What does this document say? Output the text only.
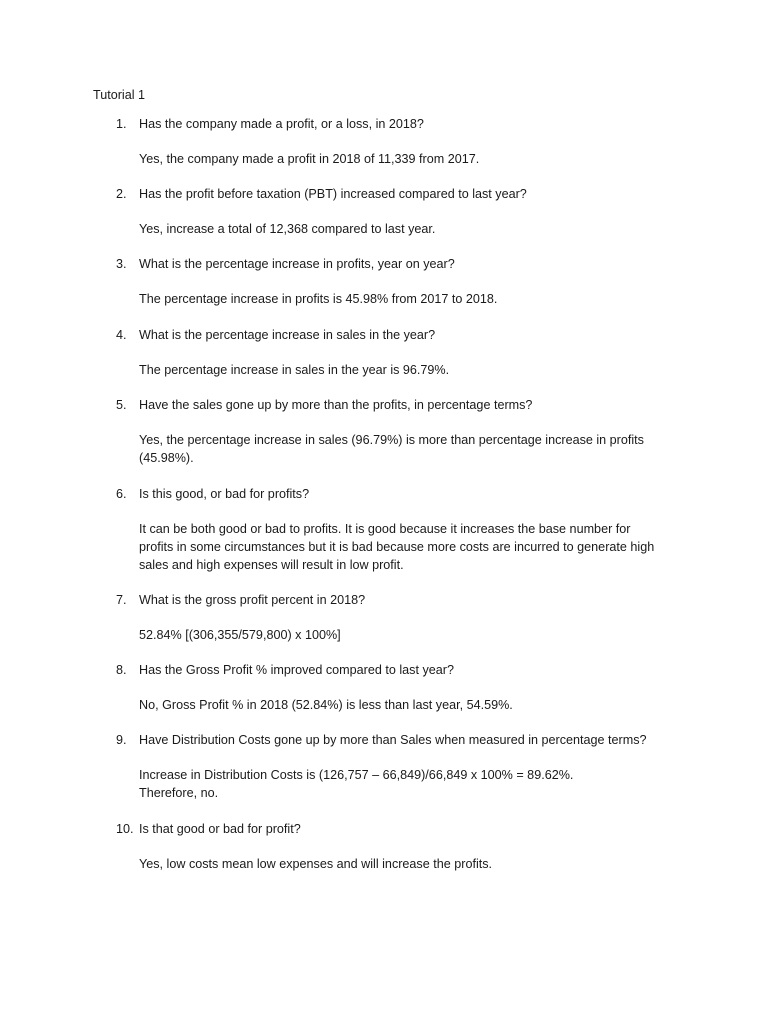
Tutorial 1
1. Has the company made a profit, or a loss, in 2018?
Yes, the company made a profit in 2018 of 11,339 from 2017.
2. Has the profit before taxation (PBT) increased compared to last year?
Yes, increase a total of 12,368 compared to last year.
3. What is the percentage increase in profits, year on year?
The percentage increase in profits is 45.98% from 2017 to 2018.
4. What is the percentage increase in sales in the year?
The percentage increase in sales in the year is 96.79%.
5. Have the sales gone up by more than the profits, in percentage terms?
Yes, the percentage increase in sales (96.79%) is more than percentage increase in profits
(45.98%).
6. Is this good, or bad for profits?
It can be both good or bad to profits. It is good because it increases the base number for
profits in some circumstances but it is bad because more costs are incurred to generate high
sales and high expenses will result in low profit.
7. What is the gross profit percent in 2018?
52.84% [(306,355/579,800) x 100%]
8. Has the Gross Profit % improved compared to last year?
No, Gross Profit % in 2018 (52.84%) is less than last year, 54.59%.
9. Have Distribution Costs gone up by more than Sales when measured in percentage terms?
Increase in Distribution Costs is (126,757 – 66,849)/66,849 x 100% = 89.62%.
Therefore, no.
10. Is that good or bad for profit?
Yes, low costs mean low expenses and will increase the profits.
